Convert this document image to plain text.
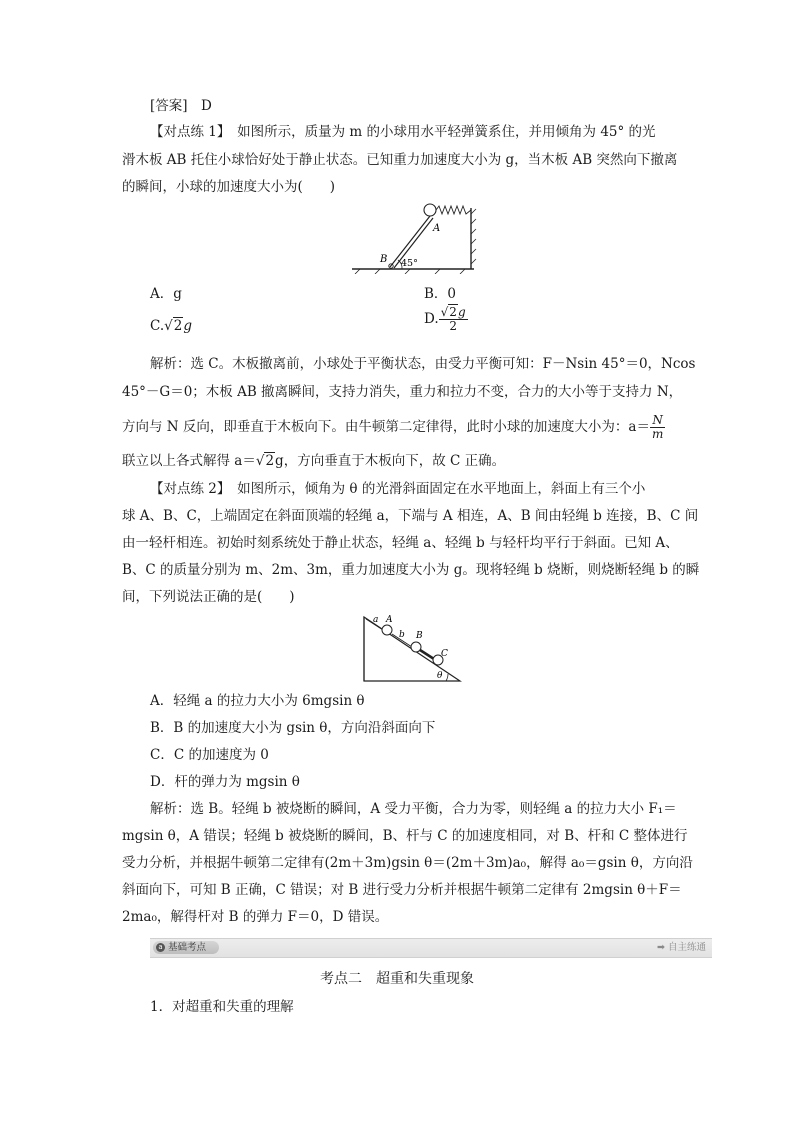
[答案]　D
【对点练 1】　如图所示，质量为 m 的小球用水平轻弹簧系住，并用倾角为 45° 的光
滑木板 AB 托住小球恰好处于静止状态。已知重力加速度大小为 g，当木板 AB 突然向下撤离
的瞬间，小球的加速度大小为(　　)
A
B 45°
A．g	B．0
C.√2g	D. $\frac{√2g}{2}$
解析：选 C。木板撤离前，小球处于平衡状态，由受力平衡可知：F－Nsin 45°＝0，Ncos
45°－G＝0；木板 AB 撤离瞬间，支持力消失，重力和拉力不变，合力的大小等于支持力 N，
方向与 N 反向，即垂直于木板向下。由牛顿第二定律得，此时小球的加速度大小为：$a= \frac{N}{m}$
联立以上各式解得 a＝√2g，方向垂直于木板向下，故 C 正确。
【对点练 2】　如图所示，倾角为 θ 的光滑斜面固定在水平地面上，斜面上有三个小
球 A、B、C，上端固定在斜面顶端的轻绳 a，下端与 A 相连，A、B 间由轻绳 b 连接，B、C 间
由一轻杆相连。初始时刻系统处于静止状态，轻绳 a、轻绳 b 与轻杆均平行于斜面。已知 A、
B、C 的质量分别为 m、2m、3m，重力加速度大小为 g。现将轻绳 b 烧断，则烧断轻绳 b 的瞬
间，下列说法正确的是(　　)
a A
b B
C
θ
A．轻绳 a 的拉力大小为 6mgsin θ
B．B 的加速度大小为 gsin θ，方向沿斜面向下
C．C 的加速度为 0
D．杆的弹力为 mgsin θ
解析：选 B。轻绳 b 被烧断的瞬间，A 受力平衡，合力为零，则轻绳 a 的拉力大小 F₁＝
mgsin θ，A 错误；轻绳 b 被烧断的瞬间，B、杆与 C 的加速度相同，对 B、杆和 C 整体进行
受力分析，并根据牛顿第二定律有(2m＋3m)gsin θ＝(2m＋3m)a₀，解得 a₀＝gsin θ，方向沿
斜面向下，可知 B 正确，C 错误；对 B 进行受力分析并根据牛顿第二定律有 2mgsin θ＋F＝
2ma₀，解得杆对 B 的弹力 F＝0，D 错误。
a 基础考点	➡ 自主练通
考点二　超重和失重现象
1．对超重和失重的理解
